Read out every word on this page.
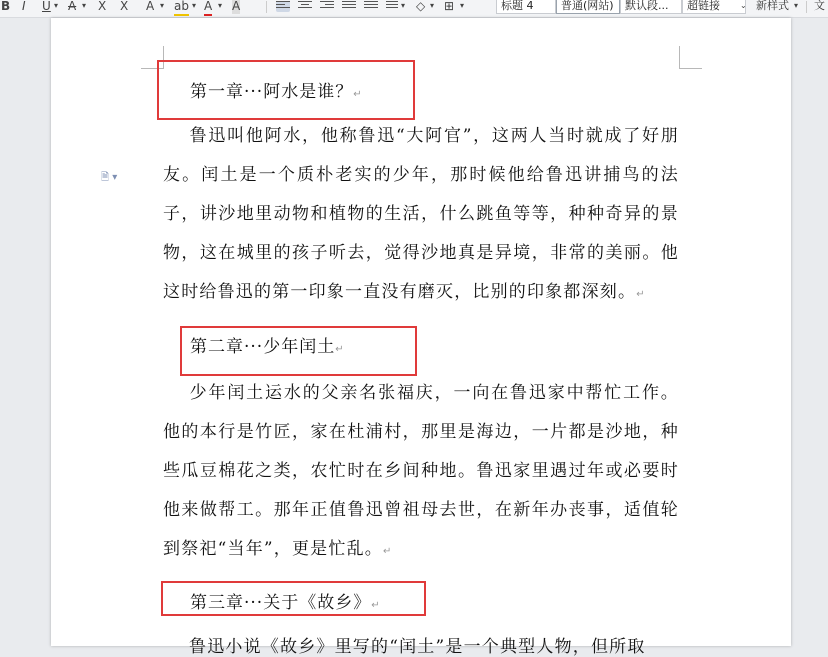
B I U ▾ A ▾ X X A ▾ ab ▾ A ▾ A	▾ ◇ ▾ ⊞ ▾	标题 4	普通(网站)	默认段...	超链接	⌄ 新样式 ▾ 文
🗎 ▾
第一章···阿水是谁？↵
鲁迅叫他阿水，他称鲁迅“大阿官”，这两人当时就成了好朋友。闰土是一个质朴老实的少年，那时候他给鲁迅讲捕鸟的法子，讲沙地里动物和植物的生活，什么跳鱼等等，种种奇异的景物，这在城里的孩子听去，觉得沙地真是异境，非常的美丽。他这时给鲁迅的第一印象一直没有磨灭，比别的印象都深刻。↵
第二章···少年闰土↵
少年闰土运水的父亲名张福庆，一向在鲁迅家中帮忙工作。他的本行是竹匠，家在杜浦村，那里是海边，一片都是沙地，种些瓜豆棉花之类，农忙时在乡间种地。鲁迅家里遇过年或必要时他来做帮工。那年正值鲁迅曾祖母去世，在新年办丧事，适值轮到祭祀“当年”，更是忙乱。↵
第三章···关于《故乡》↵
鲁迅小说《故乡》里写的“闰土”是一个典型人物，但所取
